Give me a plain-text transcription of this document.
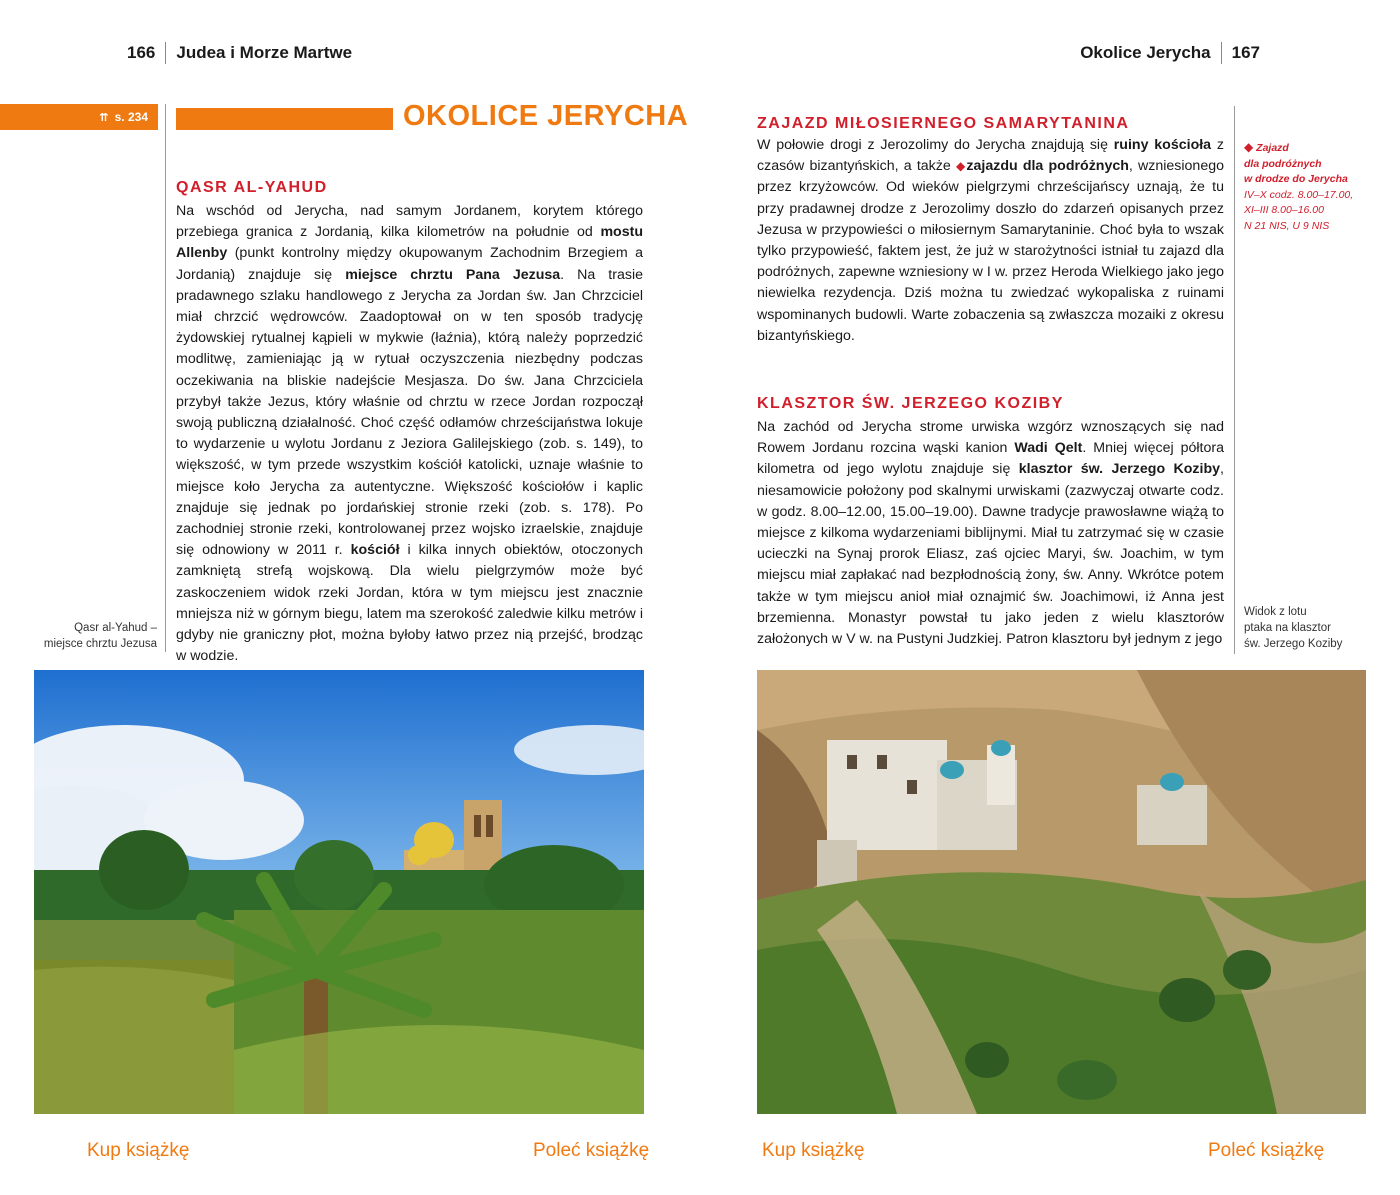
166 Judea i Morze Martwe
⇈ s. 234	OKOLICE JERYCHA
QASR AL-YAHUD
Na wschód od Jerycha, nad samym Jordanem, korytem którego przebiega granica z Jordanią, kilka kilometrów na południe od mostu Allenby (punkt kontrolny między okupowanym Zachodnim Brzegiem a Jordanią) znajduje się miejsce chrztu Pana Jezusa. Na trasie pradawnego szlaku handlowego z Jerycha za Jordan św. Jan Chrzciciel miał chrzcić wędrowców. Zaadoptował on w ten sposób tradycję żydowskiej rytualnej kąpieli w mykwie (łaźnia), którą należy poprzedzić modlitwę, zamieniając ją w rytuał oczyszczenia niezbędny podczas oczekiwania na bliskie nadejście Mesjasza. Do św. Jana Chrzciciela przybył także Jezus, który właśnie od chrztu w rzece Jordan rozpoczął swoją publiczną działalność. Choć część odłamów chrześcijaństwa lokuje to wydarzenie u wylotu Jordanu z Jeziora Galilejskiego (zob. s. 149), to większość, w tym przede wszystkim kościół katolicki, uznaje właśnie to miejsce koło Jerycha za autentyczne. Większość kościołów i kaplic znajduje się jednak po jordańskiej stronie rzeki (zob. s. 178). Po zachodniej stronie rzeki, kontrolowanej przez wojsko izraelskie, znajduje się odnowiony w 2011 r. kościół i kilka innych obiektów, otoczonych zamkniętą strefą wojskową. Dla wielu pielgrzymów może być zaskoczeniem widok rzeki Jordan, która w tym miejscu jest znacznie mniejsza niż w górnym biegu, latem ma szerokość zaledwie kilku metrów i gdyby nie graniczny płot, można byłoby łatwo przez nią przejść, brodząc w wodzie.
Qasr al-Yahud –
miejsce chrztu Jezusa
Kup książkę	Poleć książkę
Okolice Jerycha 167
ZAJAZD MIŁOSIERNEGO SAMARYTANINA
W połowie drogi z Jerozolimy do Jerycha znajdują się ruiny kościoła z czasów bizantyńskich, a także ◆zajazdu dla podróżnych, wzniesionego przez krzyżowców. Od wieków pielgrzymi chrześcijańscy uznają, że tu przy pradawnej drodze z Jerozolimy doszło do zdarzeń opisanych przez Jezusa w przypowieści o miłosiernym Samarytaninie. Choć była to wszak tylko przypowieść, faktem jest, że już w starożytności istniał tu zajazd dla podróżnych, zapewne wzniesiony w I w. przez Heroda Wielkiego jako jego niewielka rezydencja. Dziś można tu zwiedzać wykopaliska z ruinami wspominanych budowli. Warte zobaczenia są zwłaszcza mozaiki z okresu bizantyńskiego.
◆ Zajazd
dla podróżnych
w drodze do Jerycha
IV–X codz. 8.00–17.00,
XI–III 8.00–16.00
N 21 NIS, U 9 NIS
KLASZTOR ŚW. JERZEGO KOZIBY
Na zachód od Jerycha strome urwiska wzgórz wznoszących się nad Rowem Jordanu rozcina wąski kanion Wadi Qelt. Mniej więcej półtora kilometra od jego wylotu znajduje się klasztor św. Jerzego Koziby, niesamowicie położony pod skalnymi urwiskami (zazwyczaj otwarte codz. w godz. 8.00–12.00, 15.00–19.00). Dawne tradycje prawosławne wiążą to miejsce z kilkoma wydarzeniami biblijnymi. Miał tu zatrzymać się w czasie ucieczki na Synaj prorok Eliasz, zaś ojciec Maryi, św. Joachim, w tym miejscu miał zapłakać nad bezpłodnością żony, św. Anny. Wkrótce potem także w tym miejscu anioł miał oznajmić św. Joachimowi, iż Anna jest brzemienna. Monastyr powstał tu jako jeden z wielu klasztorów założonych w V w. na Pustyni Judzkiej. Patron klasztoru był jednym z jego
Widok z lotu
ptaka na klasztor
św. Jerzego Koziby
Kup książkę	Poleć książkę
